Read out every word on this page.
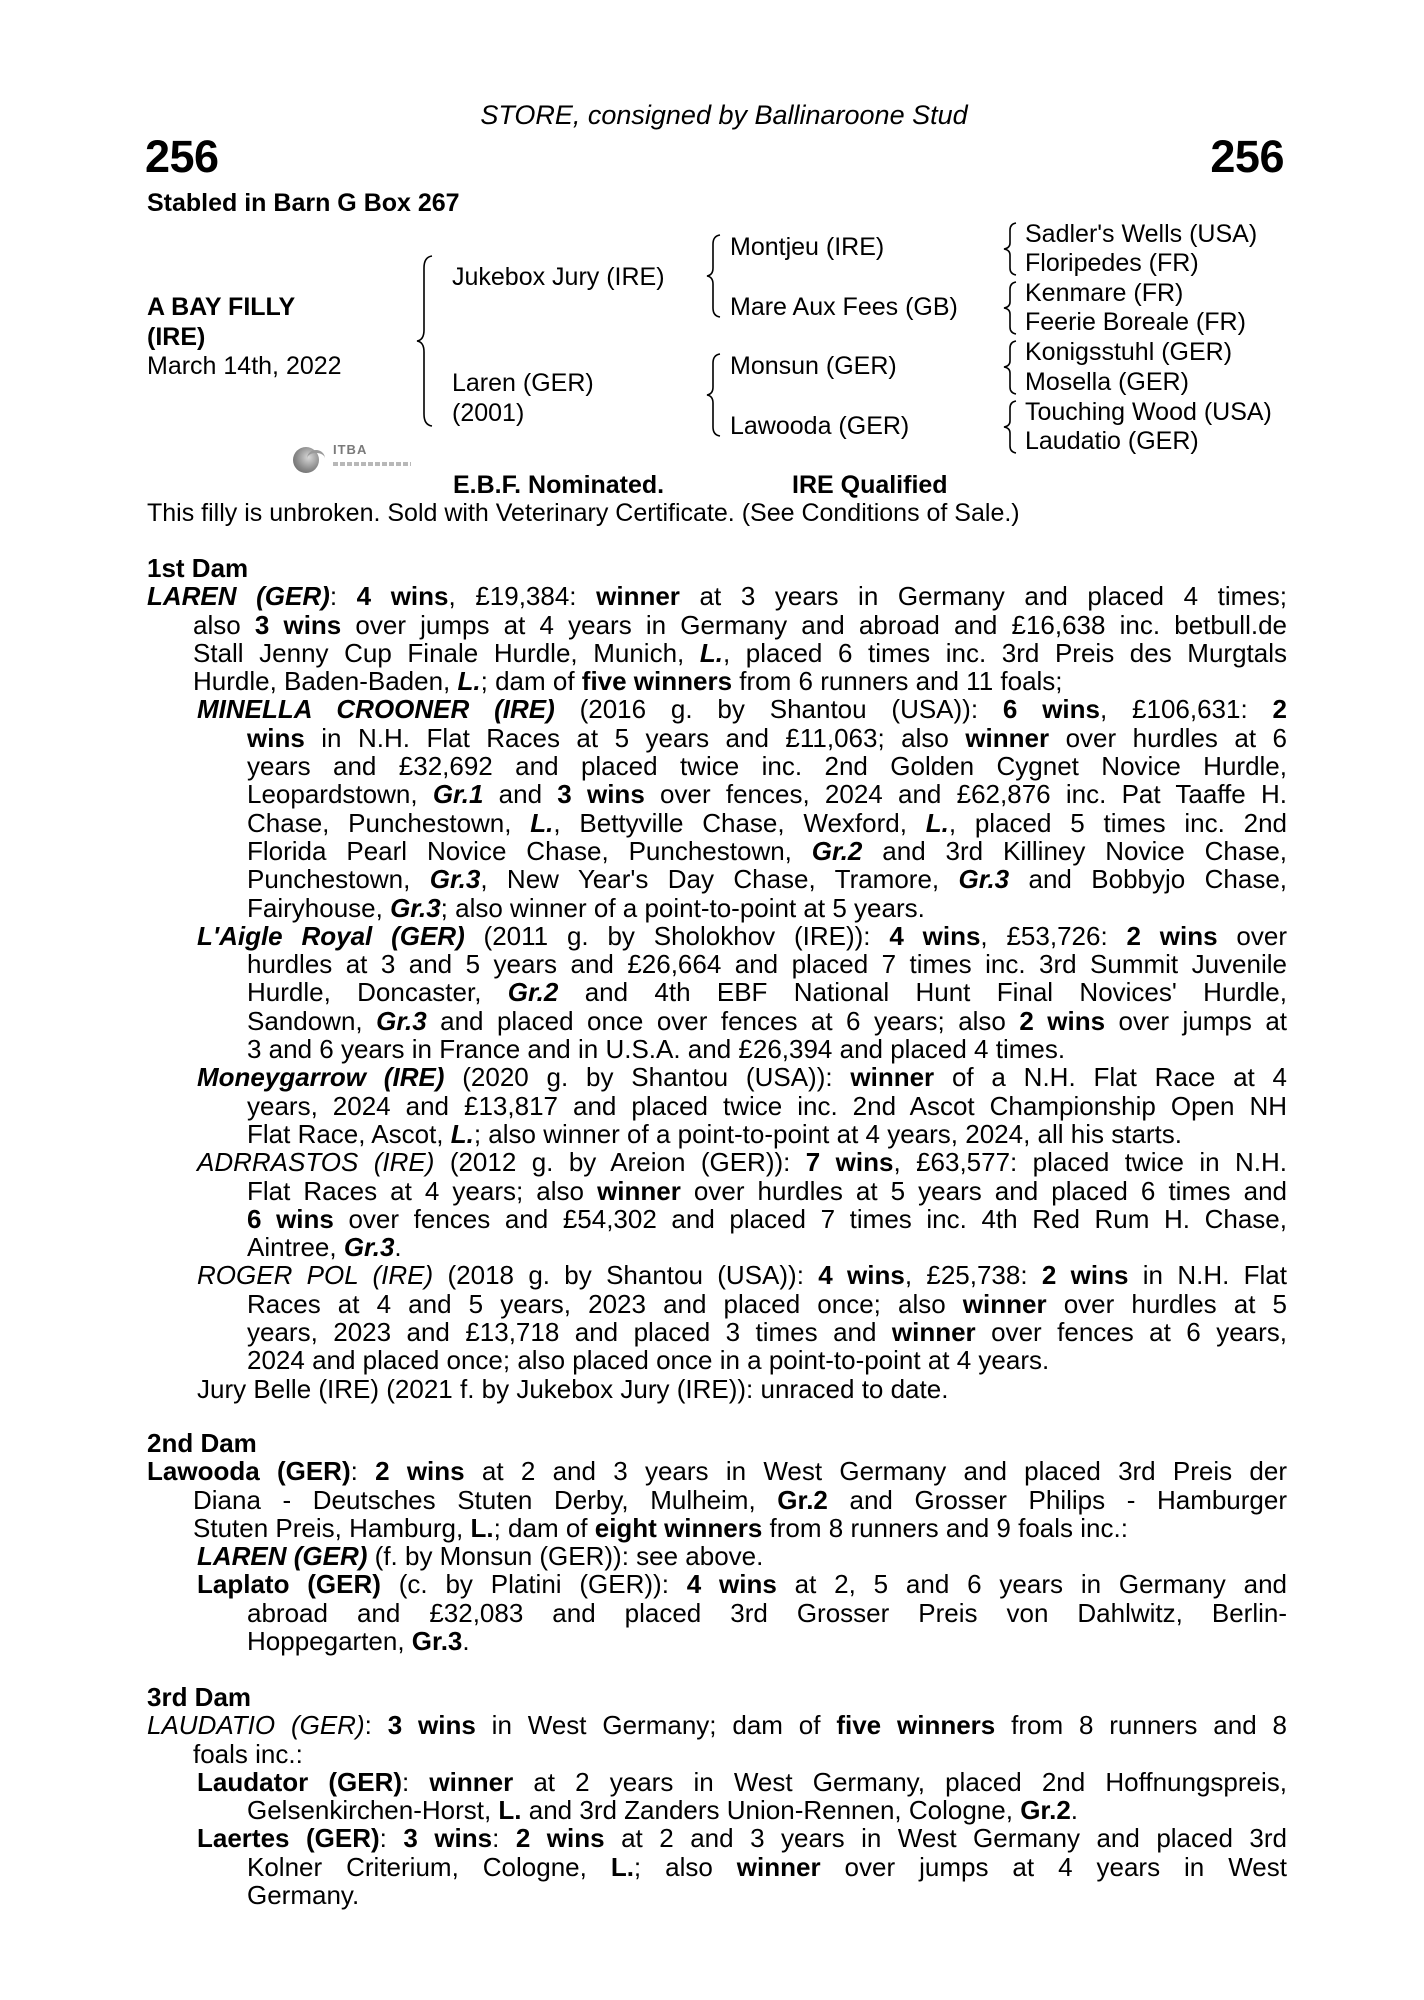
STORE, consigned by Ballinaroone Stud
256	256
Stabled in Barn G Box 267
A BAY FILLY
(IRE)
March 14th, 2022
Jukebox Jury (IRE)
Laren (GER)
(2001)
Montjeu (IRE)
Mare Aux Fees (GB)
Monsun (GER)
Lawooda (GER)
Sadler's Wells (USA)
Floripedes (FR)
Kenmare (FR)
Feerie Boreale (FR)
Konigsstuhl (GER)
Mosella (GER)
Touching Wood (USA)
Laudatio (GER)
ITBA
E.B.F. Nominated.	IRE Qualified
This filly is unbroken. Sold with Veterinary Certificate. (See Conditions of Sale.)
1st Dam
LAREN (GER): 4 wins, £19,384: winner at 3 years in Germany and placed 4 times;
also 3 wins over jumps at 4 years in Germany and abroad and £16,638 inc. betbull.de
Stall Jenny Cup Finale Hurdle, Munich, L., placed 6 times inc. 3rd Preis des Murgtals
Hurdle, Baden-Baden, L.; dam of five winners from 6 runners and 11 foals;
MINELLA CROONER (IRE) (2016 g. by Shantou (USA)): 6 wins, £106,631: 2
wins in N.H. Flat Races at 5 years and £11,063; also winner over hurdles at 6
years and £32,692 and placed twice inc. 2nd Golden Cygnet Novice Hurdle,
Leopardstown, Gr.1 and 3 wins over fences, 2024 and £62,876 inc. Pat Taaffe H.
Chase, Punchestown, L., Bettyville Chase, Wexford, L., placed 5 times inc. 2nd
Florida Pearl Novice Chase, Punchestown, Gr.2 and 3rd Killiney Novice Chase,
Punchestown, Gr.3, New Year's Day Chase, Tramore, Gr.3 and Bobbyjo Chase,
Fairyhouse, Gr.3; also winner of a point-to-point at 5 years.
L'Aigle Royal (GER) (2011 g. by Sholokhov (IRE)): 4 wins, £53,726: 2 wins over
hurdles at 3 and 5 years and £26,664 and placed 7 times inc. 3rd Summit Juvenile
Hurdle, Doncaster, Gr.2 and 4th EBF National Hunt Final Novices' Hurdle,
Sandown, Gr.3 and placed once over fences at 6 years; also 2 wins over jumps at
3 and 6 years in France and in U.S.A. and £26,394 and placed 4 times.
Moneygarrow (IRE) (2020 g. by Shantou (USA)): winner of a N.H. Flat Race at 4
years, 2024 and £13,817 and placed twice inc. 2nd Ascot Championship Open NH
Flat Race, Ascot, L.; also winner of a point-to-point at 4 years, 2024, all his starts.
ADRRASTOS (IRE) (2012 g. by Areion (GER)): 7 wins, £63,577: placed twice in N.H.
Flat Races at 4 years; also winner over hurdles at 5 years and placed 6 times and
6 wins over fences and £54,302 and placed 7 times inc. 4th Red Rum H. Chase,
Aintree, Gr.3.
ROGER POL (IRE) (2018 g. by Shantou (USA)): 4 wins, £25,738: 2 wins in N.H. Flat
Races at 4 and 5 years, 2023 and placed once; also winner over hurdles at 5
years, 2023 and £13,718 and placed 3 times and winner over fences at 6 years,
2024 and placed once; also placed once in a point-to-point at 4 years.
Jury Belle (IRE) (2021 f. by Jukebox Jury (IRE)): unraced to date.
2nd Dam
Lawooda (GER): 2 wins at 2 and 3 years in West Germany and placed 3rd Preis der
Diana - Deutsches Stuten Derby, Mulheim, Gr.2 and Grosser Philips - Hamburger
Stuten Preis, Hamburg, L.; dam of eight winners from 8 runners and 9 foals inc.:
LAREN (GER) (f. by Monsun (GER)): see above.
Laplato (GER) (c. by Platini (GER)): 4 wins at 2, 5 and 6 years in Germany and
abroad and £32,083 and placed 3rd Grosser Preis von Dahlwitz, Berlin-
Hoppegarten, Gr.3.
3rd Dam
LAUDATIO (GER): 3 wins in West Germany; dam of five winners from 8 runners and 8
foals inc.:
Laudator (GER): winner at 2 years in West Germany, placed 2nd Hoffnungspreis,
Gelsenkirchen-Horst, L. and 3rd Zanders Union-Rennen, Cologne, Gr.2.
Laertes (GER): 3 wins: 2 wins at 2 and 3 years in West Germany and placed 3rd
Kolner Criterium, Cologne, L.; also winner over jumps at 4 years in West
Germany.
